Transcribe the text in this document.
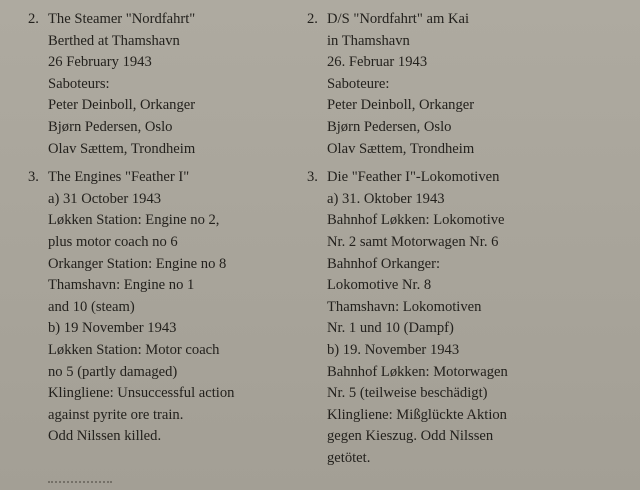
2. The Steamer "Nordfahrt"
Berthed at Thamshavn
26 February 1943
Saboteurs:
Peter Deinboll, Orkanger
Bjørn Pedersen, Oslo
Olav Sættem, Trondheim
3. The Engines "Feather I"
a) 31 October 1943
Løkken Station: Engine no 2,
plus motor coach no 6
Orkanger Station: Engine no 8
Thamshavn: Engine no 1
and 10 (steam)
b) 19 November 1943
Løkken Station: Motor coach
no 5 (partly damaged)
Klingliene: Unsuccessful action
against pyrite ore train.
Odd Nilssen killed.
2. D/S "Nordfahrt" am Kai
in Thamshavn
26. Februar 1943
Saboteure:
Peter Deinboll, Orkanger
Bjørn Pedersen, Oslo
Olav Sættem, Trondheim
3. Die "Feather I"-Lokomotiven
a) 31. Oktober 1943
Bahnhof Løkken: Lokomotive
Nr. 2 samt Motorwagen Nr. 6
Bahnhof Orkanger:
Lokomotive Nr. 8
Thamshavn: Lokomotiven
Nr. 1 und 10 (Dampf)
b) 19. November 1943
Bahnhof Løkken: Motorwagen
Nr. 5 (teilweise beschädigt)
Klingliene: Mißglückte Aktion
gegen Kieszug. Odd Nilssen
getötet.
